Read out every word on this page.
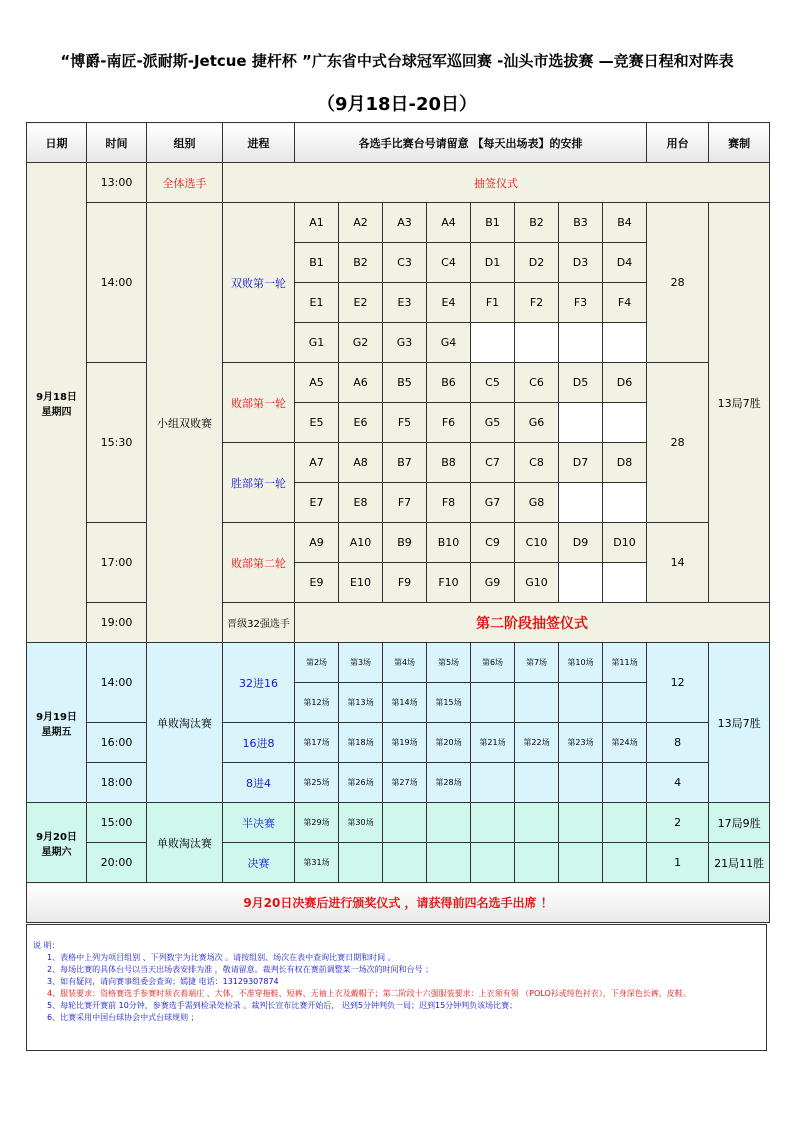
“博爵-南匠-派耐斯-Jetcue 捷杆杯 ”广东省中式台球冠军巡回赛 -汕头市选拔赛 —竞赛日程和对阵表
（9月18日-20日）
日期	时间	组别	进程	各选手比赛台号请留意 【每天出场表】的安排								用台	赛制
9月18日
星期四	13:00	全体选手	抽签仪式										
	14:00	小组双败赛	双败第一轮	A1	A2	A3	A4	B1	B2	B3	B4	28	13局7胜
				B1	B2	C3	C4	D1	D2	D3	D4		
				E1	E2	E3	E4	F1	F2	F3	F4		
				G1	G2	G3	G4						
	15:30		败部第一轮	A5	A6	B5	B6	C5	C6	D5	D6	28	
				E5	E6	F5	F6	G5	G6				
			胜部第一轮	A7	A8	B7	B8	C7	C8	D7	D8		
				E7	E8	F7	F8	G7	G8				
	17:00		败部第二轮	A9	A10	B9	B10	C9	C10	D9	D10	14	
				E9	E10	F9	F10	G9	G10				
	19:00		晋级32强选手	第二阶段抽签仪式									
9月19日
星期五	14:00	单败淘汰赛	32进16	第2场	第3场	第4场	第5场	第6场	第7场	第10场	第11场	12	13局7胜
				第12场	第13场	第14场	第15场						
	16:00		16进8	第17场	第18场	第19场	第20场	第21场	第22场	第23场	第24场	8	
	18:00		8进4	第25场	第26场	第27场	第28场					4	
9月20日
星期六	15:00	单败淘汰赛	半决赛	第29场	第30场							2	17局9胜
	20:00		决赛	第31场								1	21局11胜
9月20日决赛后进行颁奖仪式 ，请获得前四名选手出席 ！													
说 明：
1、表格中上列为项目组别 、下列数字为比赛场次 。请按组别、场次在表中查询比赛日期和时间 。
2、每场比赛的具体台号以当天出场表安排为准 ，敬请留意。裁判长有权在赛前调整某一场次的时间和台号 ；
3、如有疑问，请向赛事组委会查询；嫣捷 电话：13129307874
4、服装要求：资格赛选手参赛时须衣着端庄 、大体，不准穿拖鞋、短裤、无袖上衣及戴帽子；第二阶段十六强服装要求：上衣须有领 （POLO衫或纯色衬衣），下身深色长裤，皮鞋。
5、每轮比赛开赛前 10分钟，参赛选手需到检录处检录 。裁判长宣布比赛开始后， 迟到5分钟判负一局；迟到15分钟判负该场比赛；
6、比赛采用中国台球协会中式台球规则 ；
